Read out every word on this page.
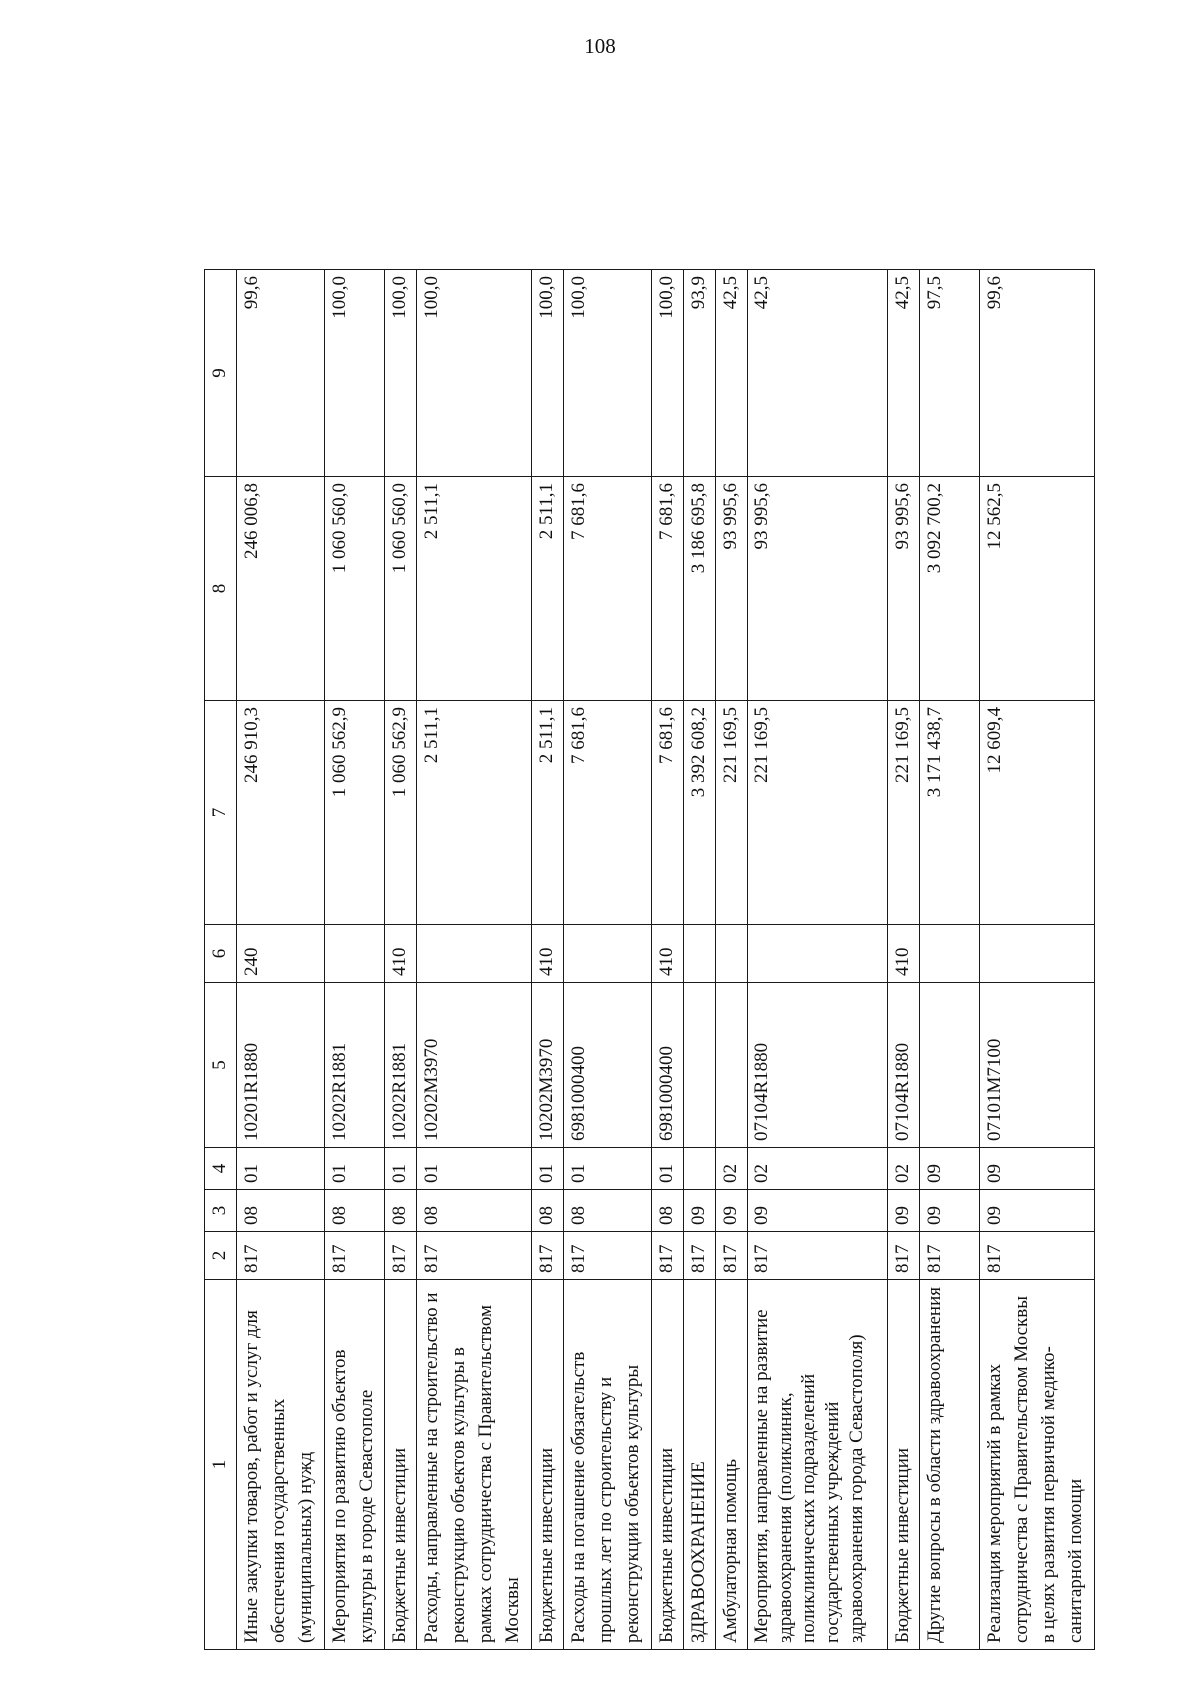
108
1	2	3	4	5	6	7	8	9
Иные закупки товаров, работ и услуг для обеспечения государственных (муниципальных) нужд	817	08	01	10201R1880	240	246 910,3	246 006,8	99,6
Мероприятия по развитию объектов культуры в городе Севастополе	817	08	01	10202R1881		1 060 562,9	1 060 560,0	100,0
Бюджетные инвестиции	817	08	01	10202R1881	410	1 060 562,9	1 060 560,0	100,0
Расходы, направленные на строительство и реконструкцию объектов культуры в рамках сотрудничества с Правительством Москвы	817	08	01	10202M3970		2 511,1	2 511,1	100,0
Бюджетные инвестиции	817	08	01	10202M3970	410	2 511,1	2 511,1	100,0
Расходы на погашение обязательств прошлых лет по строительству и реконструкции объектов культуры	817	08	01	6981000400		7 681,6	7 681,6	100,0
Бюджетные инвестиции	817	08	01	6981000400	410	7 681,6	7 681,6	100,0
ЗДРАВООХРАНЕНИЕ	817	09				3 392 608,2	3 186 695,8	93,9
Амбулаторная помощь	817	09	02			221 169,5	93 995,6	42,5
Мероприятия, направленные на развитие здравоохранения (поликлиник, поликлинических подразделений государственных учреждений здравоохранения города Севастополя)	817	09	02	07104R1880		221 169,5	93 995,6	42,5
Бюджетные инвестиции	817	09	02	07104R1880	410	221 169,5	93 995,6	42,5
Другие вопросы в области здравоохранения	817	09	09			3 171 438,7	3 092 700,2	97,5
Реализация мероприятий в рамках сотрудничества с Правительством Москвы в целях развития первичной медико-санитарной помощи	817	09	09	07101M7100		12 609,4	12 562,5	99,6
